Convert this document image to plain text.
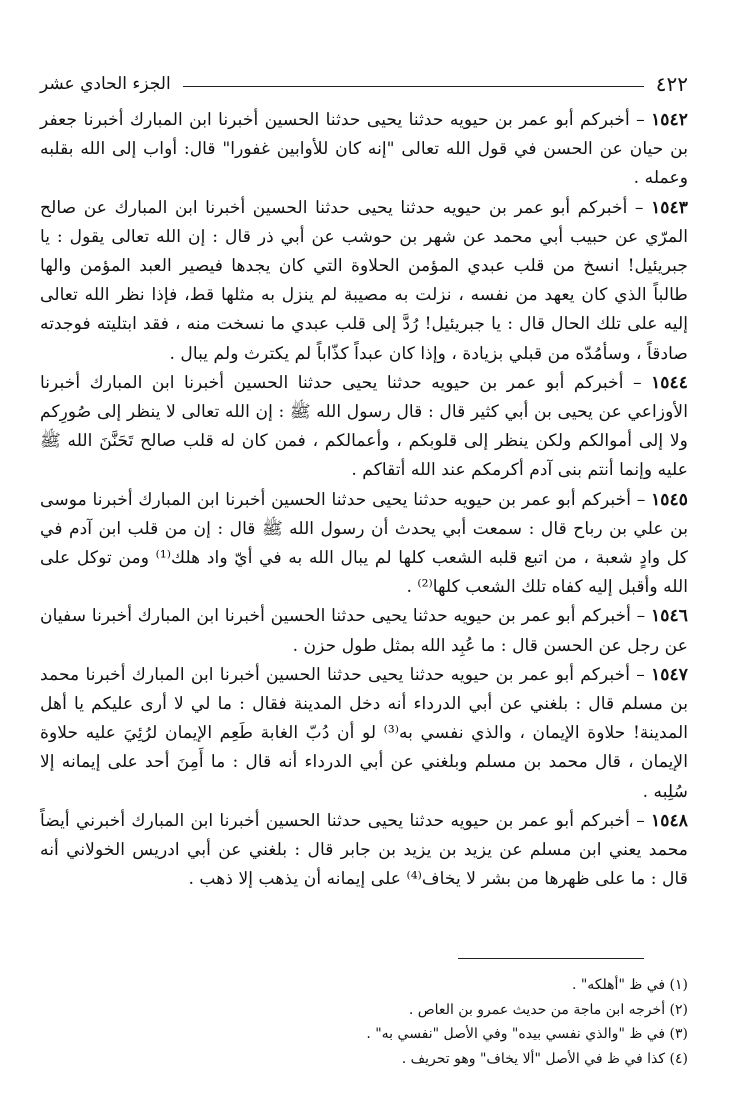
٤٢٢
الجزء الحادي عشر

١٥٤٢ – أخبركم أبو عمر بن حيويه حدثنا يحيى حدثنا الحسين أخبرنا ابن المبارك أخبرنا جعفر بن حيان عن الحسن في قول الله تعالى "إنه كان للأوابين غفورا" قال: أواب إلى الله بقلبه وعمله .

١٥٤٣ – أخبركم أبو عمر بن حيويه حدثنا يحيى حدثنا الحسين أخبرنا ابن المبارك عن صالح المرّي عن حبيب أبي محمد عن شهر بن حوشب عن أبي ذر قال : إن الله تعالى يقول : يا جبريئيل! انسخ من قلب عبدي المؤمن الحلاوة التي كان يجدها فيصير العبد المؤمن والها طالباً الذي كان يعهد من نفسه ، نزلت به مصيبة لم ينزل به مثلها قط، فإذا نظر الله تعالى إليه على تلك الحال قال : يا جبريئيل! رُدَّ إلى قلب عبدي ما نسخت منه ، فقد ابتليته فوجدته صادقاً ، وسأمُدّه من قبلي بزيادة ، وإذا كان عبداً كذّاباً لم يكترث ولم يبال .

١٥٤٤ – أخبركم أبو عمر بن حيويه حدثنا يحيى حدثنا الحسين أخبرنا ابن المبارك أخبرنا الأوزاعي عن يحيى بن أبي كثير قال : قال رسول الله ﷺ : إن الله تعالى لا ينظر إلى صُورِكم ولا إلى أموالكم ولكن ينظر إلى قلوبكم ، وأعمالكم ، فمن كان له قلب صالح تَحَنَّنَ الله ﷺ عليه وإنما أنتم بنى آدم أكرمكم عند الله أتقاكم .

١٥٤٥ – أخبركم أبو عمر بن حيويه حدثنا يحيى حدثنا الحسين أخبرنا ابن المبارك أخبرنا موسى بن علي بن رباح قال : سمعت أبي يحدث أن رسول الله ﷺ قال : إن من قلب ابن آدم في كل وادٍ شعبة ، من اتبع قلبه الشعب كلها لم يبال الله به في أيّ واد هلك⁽¹⁾ ومن توكل على الله وأقبل إليه كفاه تلك الشعب كلها⁽²⁾ .

١٥٤٦ – أخبركم أبو عمر بن حيويه حدثنا يحيى حدثنا الحسين أخبرنا ابن المبارك أخبرنا سفيان عن رجل عن الحسن قال : ما عُبِد الله بمثل طول حزن .

١٥٤٧ – أخبركم أبو عمر بن حيويه حدثنا يحيى حدثنا الحسين أخبرنا ابن المبارك أخبرنا محمد بن مسلم قال : بلغني عن أبي الدرداء أنه دخل المدينة فقال : ما لي لا أرى عليكم يا أهل المدينة! حلاوة الإيمان ، والذي نفسي به⁽³⁾ لو أن دُبّ الغابة طَعِم الإيمان لرُئِيَ عليه حلاوة الإيمان ، قال محمد بن مسلم وبلغني عن أبي الدرداء أنه قال : ما أَمِنَ أحد على إيمانه إلا سُلِبه .

١٥٤٨ – أخبركم أبو عمر بن حيويه حدثنا يحيى حدثنا الحسين أخبرنا ابن المبارك أخبرني أيضاً محمد يعني ابن مسلم عن يزيد بن يزيد بن جابر قال : بلغني عن أبي ادريس الخولاني أنه قال : ما على ظهرها من بشر لا يخاف⁽⁴⁾ على إيمانه أن يذهب إلا ذهب .

(١) في ظ "أهلكه" .
(٢) أخرجه ابن ماجة من حديث عمرو بن العاص .
(٣) في ظ "والذي نفسي بيده" وفي الأصل "نفسي به" .
(٤) كذا في ظ في الأصل "ألا يخاف" وهو تحريف .
